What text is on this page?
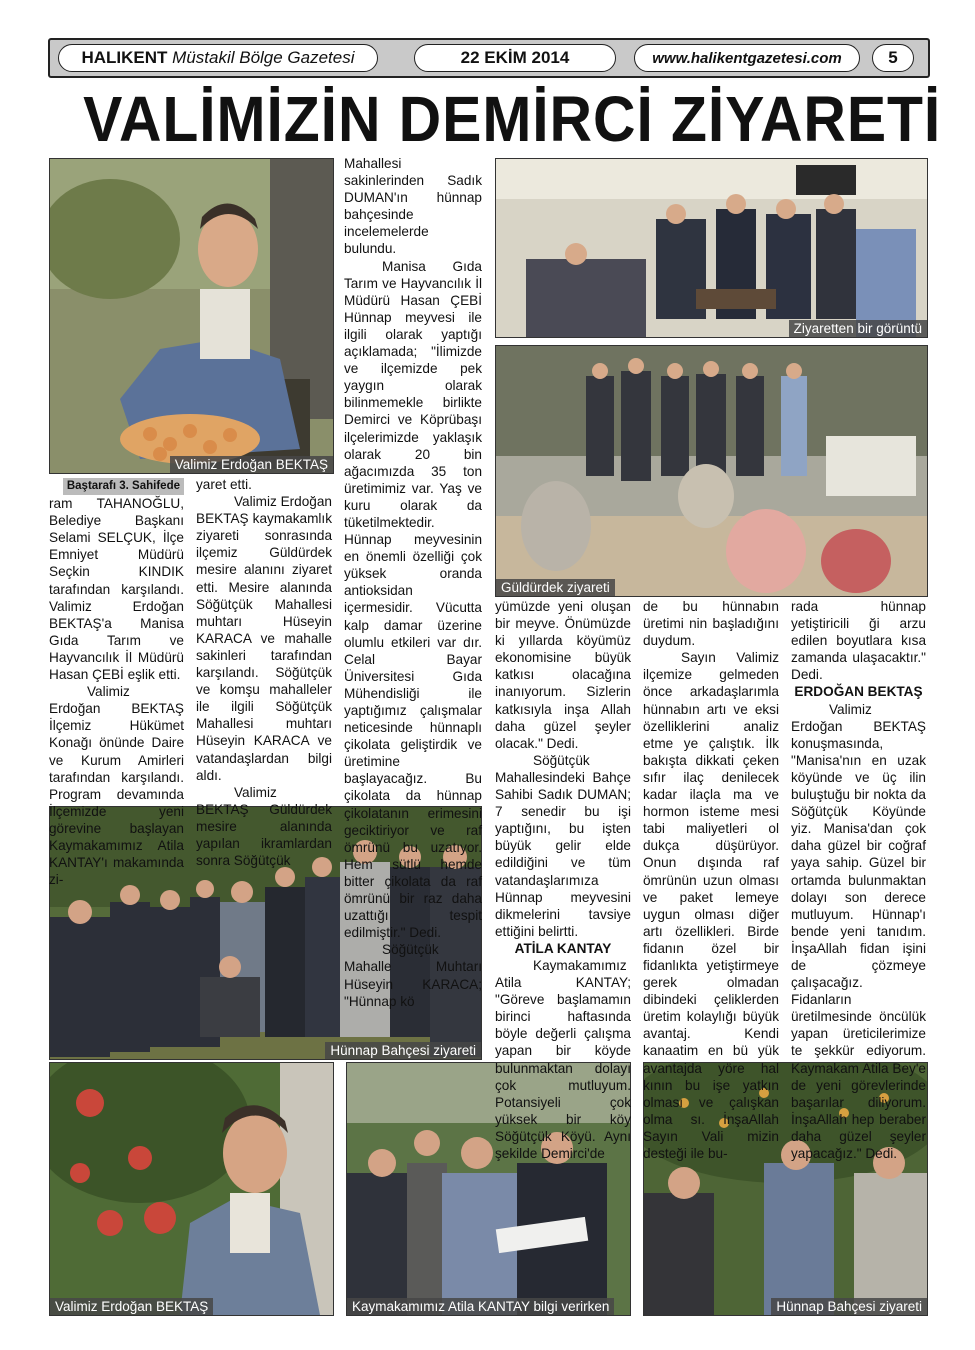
HALIKENT
Müstakil Bölge Gazetesi	22 EKİM 2014	www.halikentgazetesi.com	5
VALİMİZİN DEMİRCİ ZİYARETİ
Valimiz Erdoğan BEKTAŞ
Ziyaretten bir görüntü
Güldürdek ziyareti
Hünnap Bahçesi ziyareti
Valimiz Erdoğan BEKTAŞ	Kaymakamımız Atila KANTAY bilgi verirken	Hünnap Bahçesi ziyareti

Baştarafı 3. Sahifede

ram TAHANOĞLU, Belediye Başkanı Selami SELÇUK, İlçe Emniyet Müdürü Seçkin KINDIK tarafından karşılandı. Valimiz Erdoğan BEKTAŞ'a Manisa Gıda Tarım ve Hayvancılık İl Müdürü Hasan ÇEBİ eşlik etti.

Valimiz Erdoğan BEKTAŞ İlçemiz Hükümet Konağı önünde Daire ve Kurum Amirleri tarafından karşılandı. Program devamında İlçemizde yeni görevine başlayan Kaymakamımız Atila KANTAY'ı makamında zi-

yaret etti.

Valimiz Erdoğan BEKTAŞ kaymakamlık ziyareti sonrasında ilçemiz Güldürdek mesire alanını ziyaret etti. Mesire alanında Söğütçük Mahallesi muhtarı Hüseyin KARACA ve mahalle sakinleri tarafından karşılandı. Söğütçük ve komşu mahalleler ile ilgili Söğütçük Mahallesi muhtarı Hüseyin KARACA ve vatandaşlardan bilgi aldı.

Valimiz BEKTAŞ Güldürdek mesire alanında yapılan ikramlardan sonra Söğütçük

Mahallesi sakinlerinden Sadık DUMAN'ın hünnap bahçesinde incelemelerde bulundu.

Manisa Gıda Tarım ve Hayvancılık İl Müdürü Hasan ÇEBİ Hünnap meyvesi ile ilgili olarak yaptığı açıklamada; "İlimizde ve ilçemizde pek yaygın olarak bilinmemekle birlikte Demirci ve Köprübaşı ilçelerimizde yaklaşık olarak 20 bin ağacımızda 35 ton üretimimiz var. Yaş ve kuru olarak da tüketilmektedir. Hünnap meyvesinin en önemli özelliği çok yüksek oranda antioksidan içermesidir. Vücutta kalp damar üzerine olumlu etkileri var dır. Celal Bayar Üniversitesi Gıda Mühendisliği ile yaptığımız çalışmalar neticesinde hünnaplı çikolata geliştirdik ve üretimine başlayacağız. Bu çikolata da hünnap çikolatanın erimesini geciktiriyor ve raf ömrünü bu uzatıyor. Hem sütlü hemde bitter çikolata da raf ömrünü bir raz daha uzattığı tespit edilmiştir." Dedi.

Söğütçük Mahalle Muhtarı Hüseyin KARACA; "Hünnap kö

yümüzde yeni oluşan bir meyve. Önümüzde ki yıllarda köyümüz ekonomisine büyük katkısı olacağına inanıyorum. Sizlerin katkısıyla inşa Allah daha güzel şeyler olacak." Dedi.

Söğütçük Mahallesindeki Bahçe Sahibi Sadık DUMAN; 7 senedir bu işi yaptığını, bu işten büyük gelir elde edildiğini ve tüm vatandaşlarımıza Hünnap meyvesini dikmelerini tavsiye ettiğini belirtti.

ATİLA KANTAY

Kaymakamımız Atila KANTAY; "Göreve başlamamın birinci haftasında böyle değerli çalışma yapan bir köyde bulunmaktan dolayı çok mutluyum. Potansiyeli çok yüksek bir köy Söğütçük Köyü. Aynı şekilde Demirci'de

de bu hünnabın üretimi nin başladığını duydum.

Sayın Valimiz ilçemize gelmeden önce arkadaşlarımla hünnabın artı ve eksi özelliklerini analiz etme ye çalıştık. İlk bakışta dikkati çeken sıfır ilaç denilecek kadar ilaçla ma ve hormon isteme mesi tabi maliyetleri ol dukça düşürüyor. Onun dışında raf ömrünün uzun olması ve paket lemeye uygun olması diğer artı özellikleri. Birde fidanın özel bir fidanlıkta yetiştirmeye gerek olmadan dibindeki çeliklerden üretim kolaylığı büyük avantaj. Kendi kanaatim en bü yük avantajda yöre hal kının bu işe yatkın olması ve çalışkan olma sı. İnşaAllah Sayın Vali mizin desteği ile bu-

rada hünnap yetiştiricili ği arzu edilen boyutlara kısa zamanda ulaşacaktır." Dedi.

ERDOĞAN BEKTAŞ

Valimiz Erdoğan BEKTAŞ konuşmasında, "Manisa'nın en uzak köyünde ve üç ilin buluştuğu bir nokta da Söğütçük Köyünde yiz. Manisa'dan çok daha güzel bir coğraf yaya sahip. Güzel bir ortamda bulunmaktan dolayı son derece mutluyum. Hünnap'ı bende yeni tanıdım. İnşaAllah fidan işini de çözmeye çalışacağız. Fidanların üretilmesinde öncülük yapan üreticilerimize te şekkür ediyorum. Kaymakam Atila Bey'e de yeni görevlerinde başarılar diliyorum. İnşaAllah hep beraber daha güzel şeyler yapacağız." Dedi.
